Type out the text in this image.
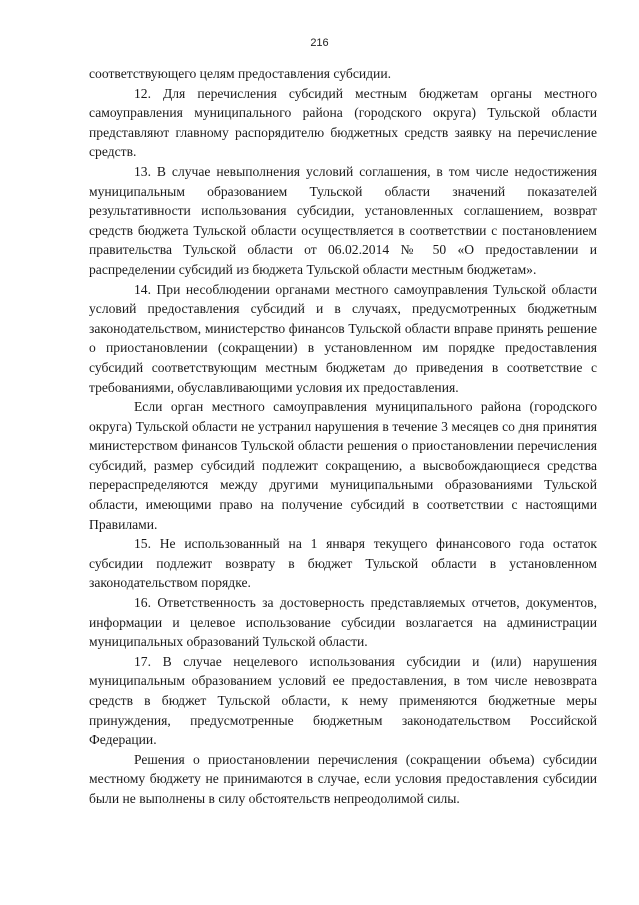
216

соответствующего целям предоставления субсидии.

12. Для перечисления субсидий местным бюджетам органы местного самоуправления муниципального района (городского округа) Тульской области представляют главному распорядителю бюджетных средств заявку на перечисление средств.

13. В случае невыполнения условий соглашения, в том числе недостижения муниципальным образованием Тульской области значений показателей результативности использования субсидии, установленных соглашением, возврат средств бюджета Тульской области осуществляется в соответствии с постановлением правительства Тульской области от 06.02.2014 № 50 «О предоставлении и распределении субсидий из бюджета Тульской области местным бюджетам».

14. При несоблюдении органами местного самоуправления Тульской области условий предоставления субсидий и в случаях, предусмотренных бюджетным законодательством, министерство финансов Тульской области вправе принять решение о приостановлении (сокращении) в установленном им порядке предоставления субсидий соответствующим местным бюджетам до приведения в соответствие с требованиями, обуславливающими условия их предоставления.

Если орган местного самоуправления муниципального района (городского округа) Тульской области не устранил нарушения в течение 3 месяцев со дня принятия министерством финансов Тульской области решения о приостановлении перечисления субсидий, размер субсидий подлежит сокращению, а высвобождающиеся средства перераспределяются между другими муниципальными образованиями Тульской области, имеющими право на получение субсидий в соответствии с настоящими Правилами.

15. Не использованный на 1 января текущего финансового года остаток субсидии подлежит возврату в бюджет Тульской области в установленном законодательством порядке.

16. Ответственность за достоверность представляемых отчетов, документов, информации и целевое использование субсидии возлагается на администрации муниципальных образований Тульской области.

17. В случае нецелевого использования субсидии и (или) нарушения муниципальным образованием условий ее предоставления, в том числе невозврата средств в бюджет Тульской области, к нему применяются бюджетные меры принуждения, предусмотренные бюджетным законодательством Российской Федерации.

Решения о приостановлении перечисления (сокращении объема) субсидии местному бюджету не принимаются в случае, если условия предоставления субсидии были не выполнены в силу обстоятельств непреодолимой силы.
